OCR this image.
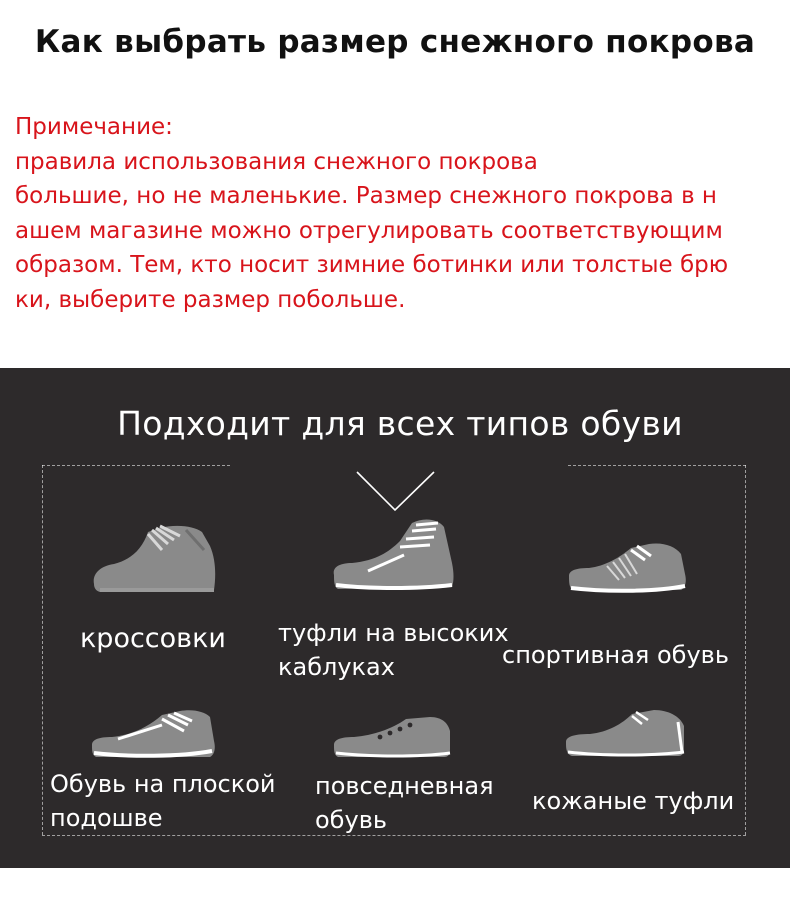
Как выбрать размер снежного покрова
Примечание:
правила использования снежного покрова
большие, но не маленькие. Размер снежного покрова в н
ашем магазине можно отрегулировать соответствующим
образом. Тем, кто носит зимние ботинки или толстые брю
ки, выберите размер побольше.
Подходит для всех типов обуви
кроссовки туфли на высоких
каблуках	спортивная обувь
Обувь на плоской
подошве
повседневная
обувь
кожаные туфли
